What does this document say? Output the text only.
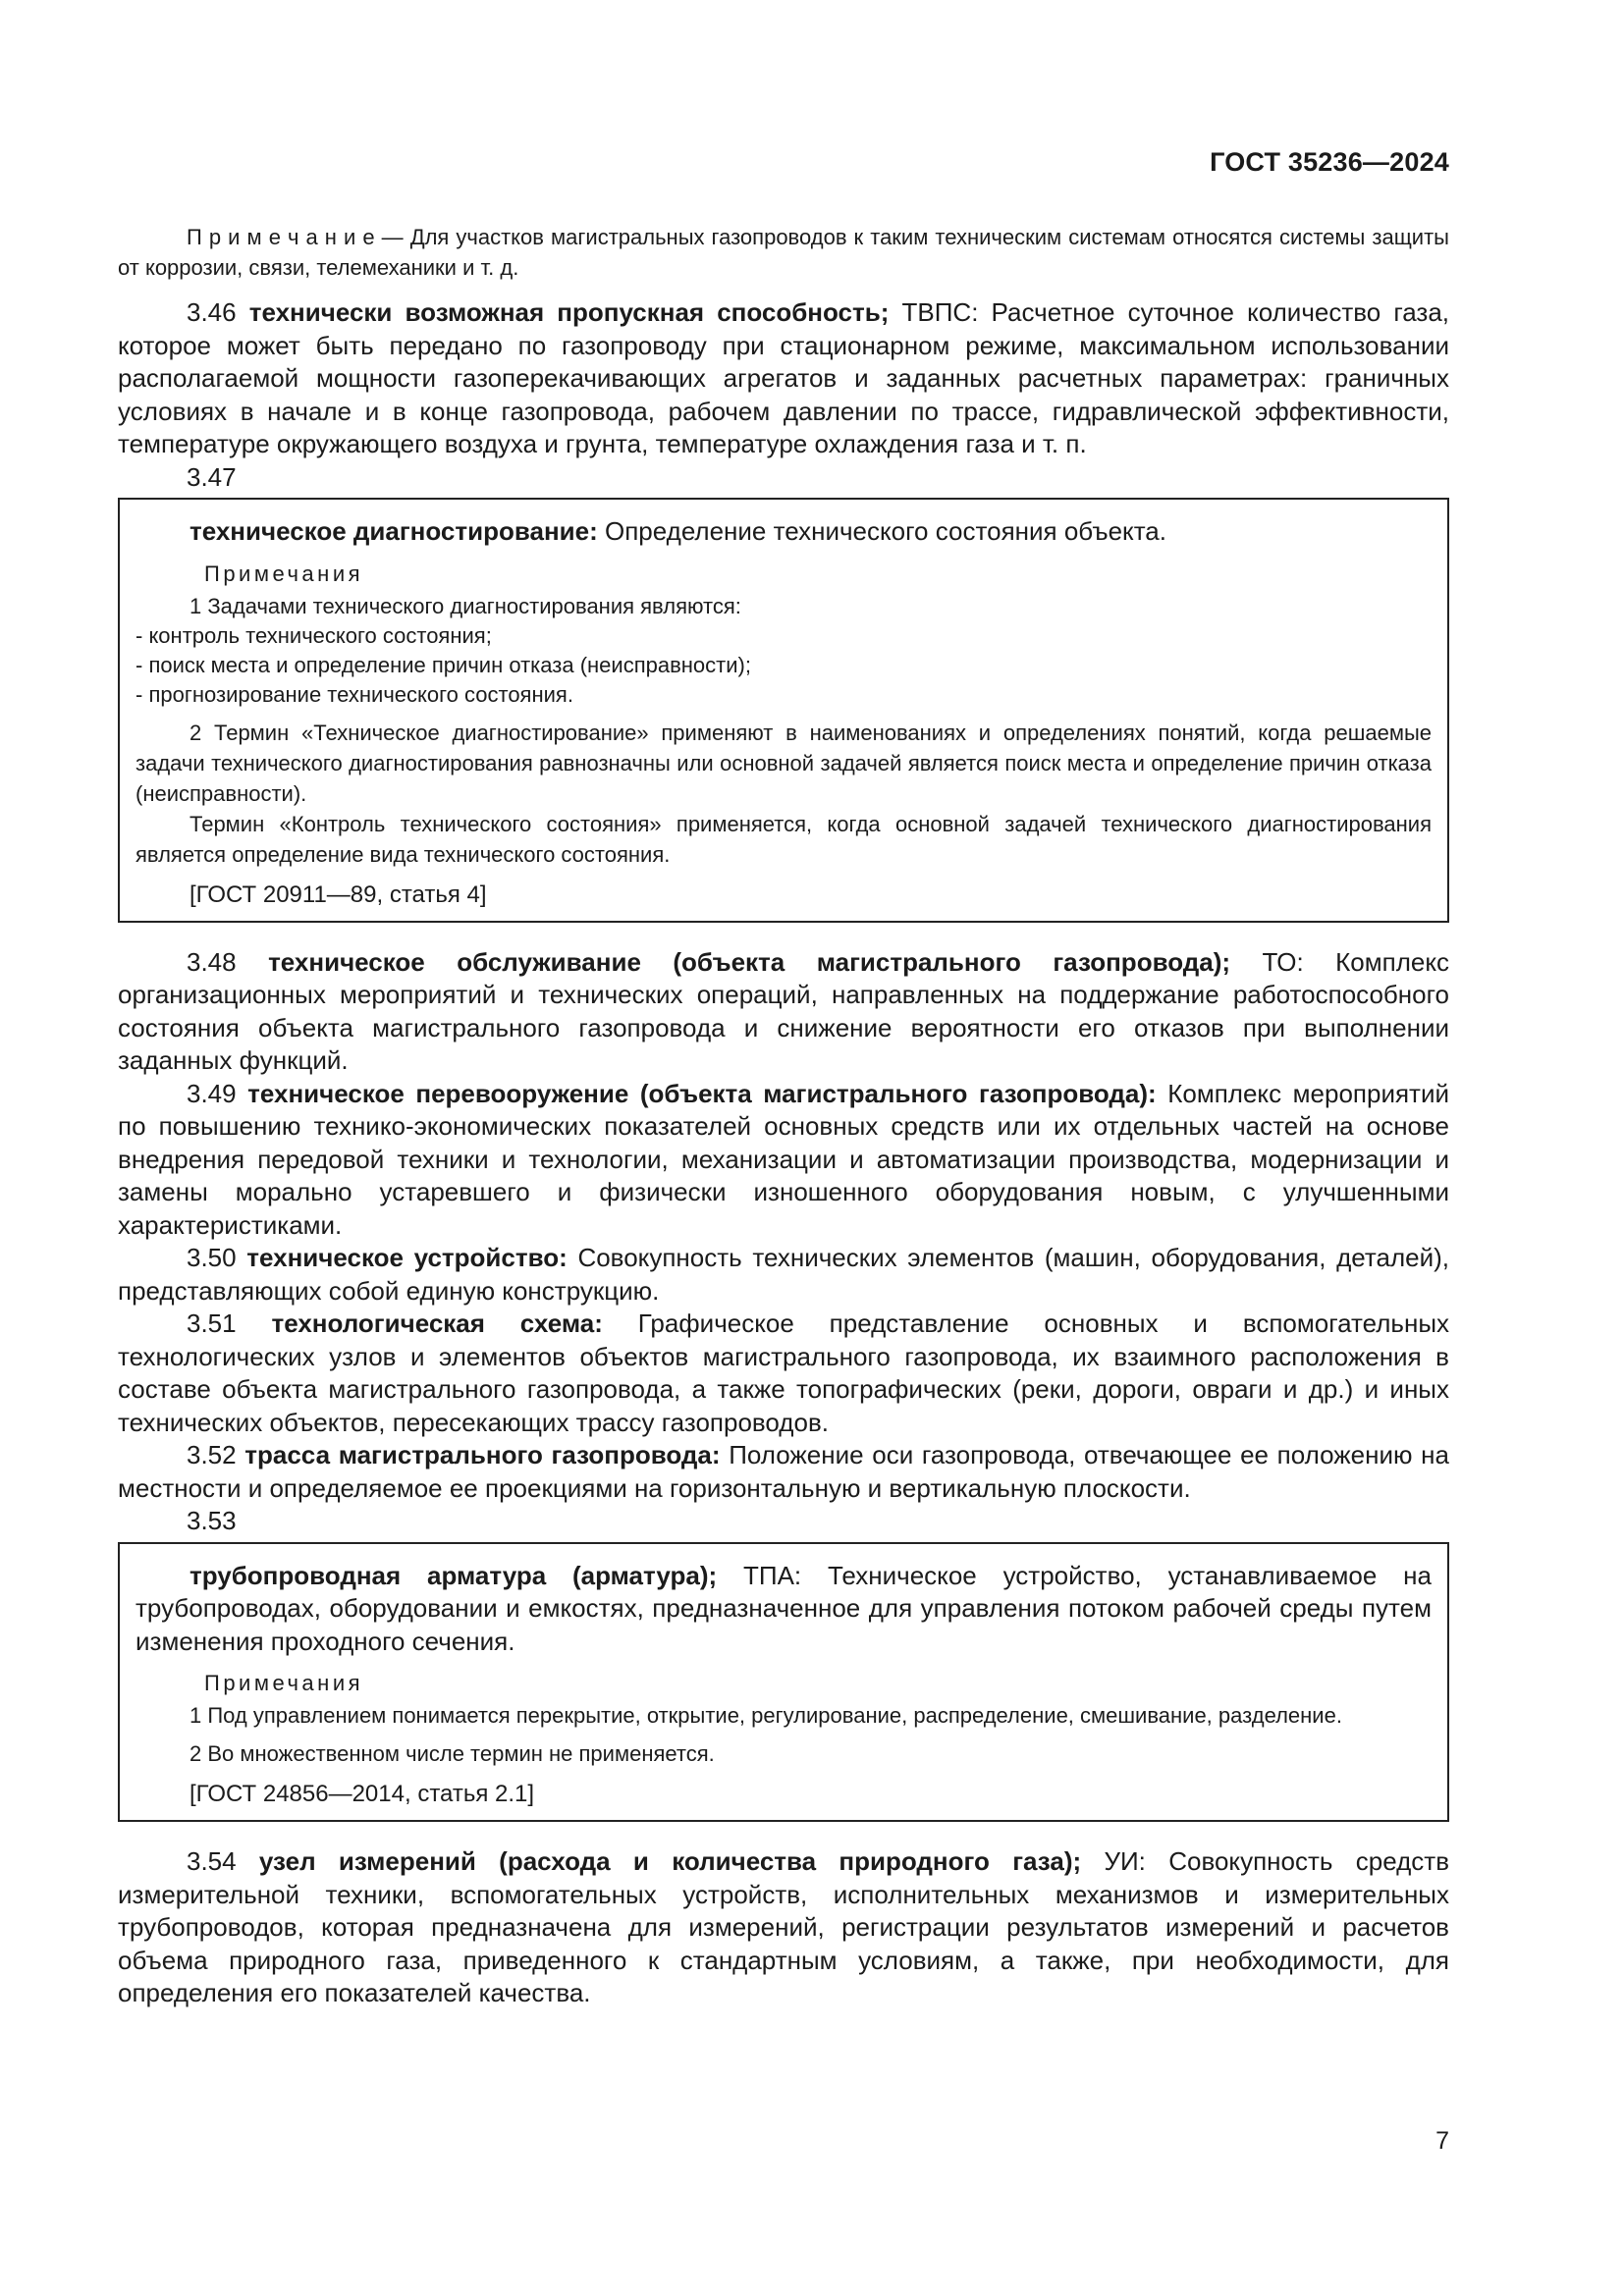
ГОСТ 35236—2024

П р и м е ч а н и е — Для участков магистральных газопроводов к таким техническим системам относятся системы защиты от коррозии, связи, телемеханики и т. д.

3.46 технически возможная пропускная способность; ТВПС: Расчетное суточное количество газа, которое может быть передано по газопроводу при стационарном режиме, максимальном использовании располагаемой мощности газоперекачивающих агрегатов и заданных расчетных параметрах: граничных условиях в начале и в конце газопровода, рабочем давлении по трассе, гидравлической эффективности, температуре окружающего воздуха и грунта, температуре охлаждения газа и т. п.

3.47

техническое диагностирование: Определение технического состояния объекта.

Примечания

1 Задачами технического диагностирования являются:

- контроль технического состояния;

- поиск места и определение причин отказа (неисправности);

- прогнозирование технического состояния.

2 Термин «Техническое диагностирование» применяют в наименованиях и определениях понятий, когда решаемые задачи технического диагностирования равнозначны или основной задачей является поиск места и определение причин отказа (неисправности).

Термин «Контроль технического состояния» применяется, когда основной задачей технического диагностирования является определение вида технического состояния.

[ГОСТ 20911—89, статья 4]

3.48 техническое обслуживание (объекта магистрального газопровода); ТО: Комплекс организационных мероприятий и технических операций, направленных на поддержание работоспособного состояния объекта магистрального газопровода и снижение вероятности его отказов при выполнении заданных функций.

3.49 техническое перевооружение (объекта магистрального газопровода): Комплекс мероприятий по повышению технико-экономических показателей основных средств или их отдельных частей на основе внедрения передовой техники и технологии, механизации и автоматизации производства, модернизации и замены морально устаревшего и физически изношенного оборудования новым, с улучшенными характеристиками.

3.50 техническое устройство: Совокупность технических элементов (машин, оборудования, деталей), представляющих собой единую конструкцию.

3.51 технологическая схема: Графическое представление основных и вспомогательных технологических узлов и элементов объектов магистрального газопровода, их взаимного расположения в составе объекта магистрального газопровода, а также топографических (реки, дороги, овраги и др.) и иных технических объектов, пересекающих трассу газопроводов.

3.52 трасса магистрального газопровода: Положение оси газопровода, отвечающее ее положению на местности и определяемое ее проекциями на горизонтальную и вертикальную плоскости.

3.53

трубопроводная арматура (арматура); ТПА: Техническое устройство, устанавливаемое на трубопроводах, оборудовании и емкостях, предназначенное для управления потоком рабочей среды путем изменения проходного сечения.

Примечания

1 Под управлением понимается перекрытие, открытие, регулирование, распределение, смешивание, разделение.

2 Во множественном числе термин не применяется.

[ГОСТ 24856—2014, статья 2.1]

3.54 узел измерений (расхода и количества природного газа); УИ: Совокупность средств измерительной техники, вспомогательных устройств, исполнительных механизмов и измерительных трубопроводов, которая предназначена для измерений, регистрации результатов измерений и расчетов объема природного газа, приведенного к стандартным условиям, а также, при необходимости, для определения его показателей качества.

7
